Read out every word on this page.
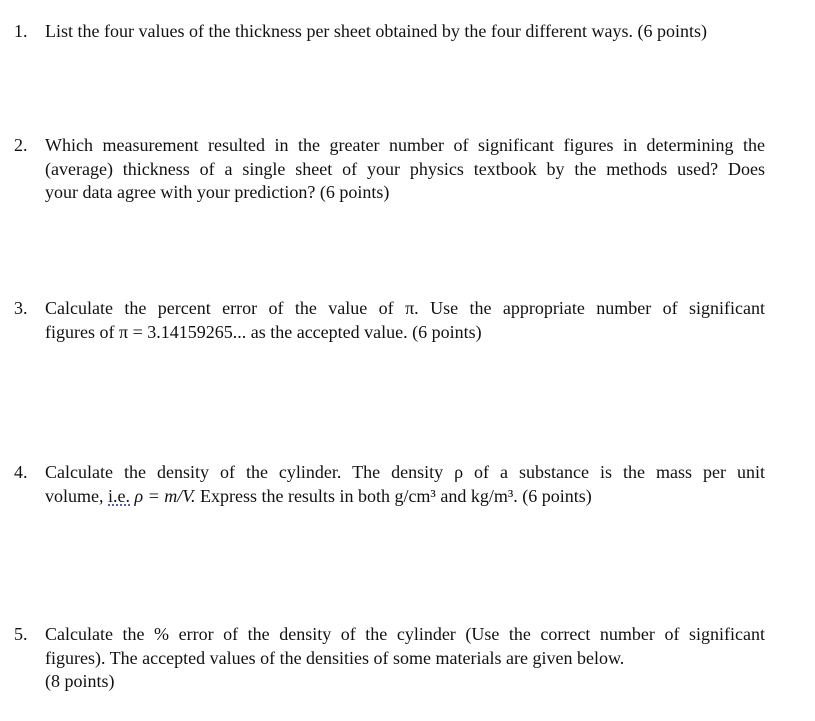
1. List the four values of the thickness per sheet obtained by the four different ways. (6 points)
2. Which measurement resulted in the greater number of significant figures in determining the
(average) thickness of a single sheet of your physics textbook by the methods used? Does
your data agree with your prediction? (6 points)
3. Calculate the percent error of the value of π. Use the appropriate number of significant
figures of π = 3.14159265... as the accepted value. (6 points)
4. Calculate the density of the cylinder. The density ρ of a substance is the mass per unit
volume, i.e. ρ = m/V. Express the results in both g/cm³ and kg/m³. (6 points)
5. Calculate the % error of the density of the cylinder (Use the correct number of significant
figures). The accepted values of the densities of some materials are given below.
(8 points)
